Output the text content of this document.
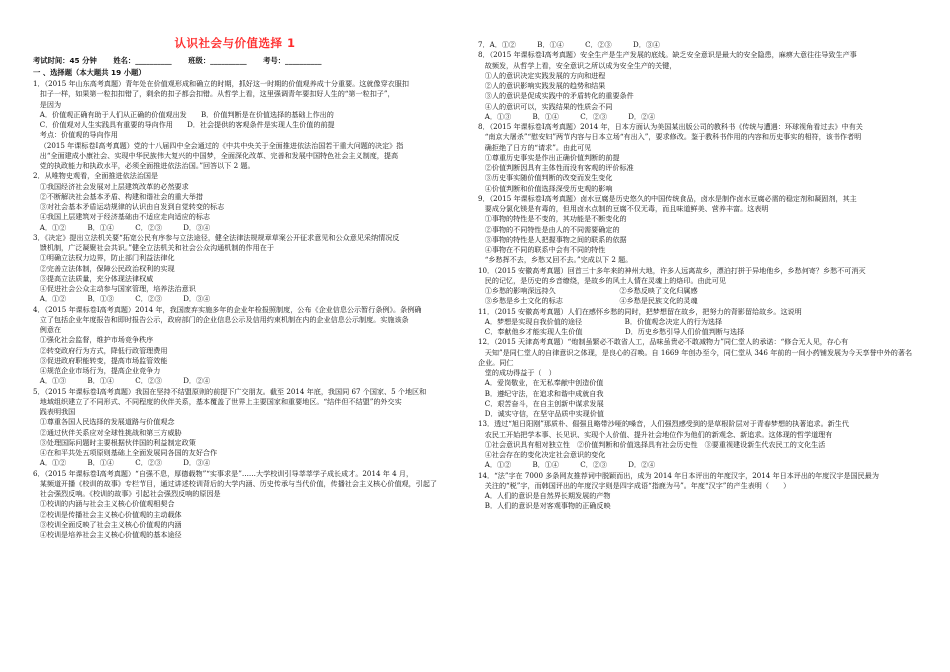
认识社会与价值选择 1
考试时间：45 分钟 姓名：__________ 班级：__________ 考号：__________
一 、选择题（本大题共 19 小题）

1．（2015 年山东高考真题）青年处在价值观形成和确立的时期，抓好这一时期的价值观养成十分重要。这就像穿衣服扣

扣子一样，如果第一粒扣扣错了，剩余的扣子都会扣错。从哲学上看，这里强调青年要扣好人生的“第一粒扣子”，

是因为

A．价值观正确有助于人们从正确的价值观出发　　B．价值判断是在价值选择的基础上作出的

C．价值观对人生实践具有重要的导向作用　　D．社会提供的客观条件是实现人生价值的前提

考点：价值观的导向作用

（2015 年课标卷Ⅰ高考真题）党的十八届四中全会通过的《中共中央关于全面推进依法治国若干重大问题的决定》指

出“全面建成小康社会、实现中华民族伟大复兴的中国梦，全面深化改革、完善和发展中国特色社会主义制度，提高

党的执政能力和执政水平，必须全面推进依法治国。”回答以下 2 题。

2．从唯物史观看，全面推进依法治国是

①我国经济社会发展对上层建筑改革的必然要求

②不断解决社会基本矛盾、构建和谐社会的重大举措

③对社会基本矛盾运动规律的认识由自发到自觉转变的标志

④我国上层建筑对于经济基础由不适应走向适应的标志

A．①②　　　B．①④　　　C．②③　　　D．③④

3．《决定》提出立法机关要“拓宽公民有序参与立法途径，健全法律法规规章草案公开征求意见和公众意见采纳情况反

馈机制，广泛凝聚社会共识。”健全立法机关和社会公众沟通机制的作用在于

①明确立法权力边界，防止部门利益法律化

②完善立法体制，保障公民政治权利的实现

③提高立法质量，充分体现法律权威

④促进社会公众主动参与国家管理，培养法治意识

A．①②　　　B．①③　　　C．②③　　　D．③④

4．（2015 年课标卷Ⅰ高考真题）2014 年，我国废弃实施多年的企业年检报照制度，公布《企业信息公示暂行条例》。条例确

立了包括企业年度报告和即时报告公示，政府部门的企业信息公示及信用约束机制在内的企业信息公示制度。实施该条

例意在

①强化社会监督，维护市场竞争秩序

②转变政府行为方式，降低行政管理费用

③促进政府职能转变，提高市场监管效能

④规范企业市场行为，提高企业竞争力

A．①③　　　B．①④　　　C．②③　　　D．②④

5．（2015 年课标卷Ⅰ高考真题）我国在坚持不结盟原则的前提下广交朋友。截至 2014 年底，我国同 67 个国家、5 个地区和

地域组织建立了不同形式、不同程度的伙伴关系，基本覆盖了世界上主要国家和重要地区。“结伴但不结盟”的外交实

践表明我国

①尊重各国人民选择的发展道路与价值观念

②通过伙伴关系应对全球性挑战和第三方威胁

③处理国际问题时主要根据伙伴国的利益制定政策

④在和平共处五项原则基础上全面发展同各国的友好合作

A．①②　　　B．①④　　　C．②③　　　D．③④

6．（2015 年课标卷Ⅰ高考真题）“自强不息，厚德载物”“实事求是”……大学校训引导莘莘学子成长成才。2014 年 4 月，

某频道开播《校训的故事》专栏节目，通过讲述校训背后的大学内涵、历史传承与当代价值，传播社会主义核心价值观，引起了

社会强烈反响。《校训的故事》引起社会强烈反响的原因是

①校训的内涵与社会主义核心价值观相契合

②校训是传播社会主义核心价值观的主动载体

③校训全面反映了社会主义核心价值观的内涵

④校训是培养社会主义核心价值观的基本途径

7．A．①②　　　B．①④　　　C．②③　　　D．③④

8．（2015 年课标卷Ⅰ高考真题）安全生产是生产发展的底线。缺乏安全意识是最大的安全隐患，麻痹大意往往导致生产事

故频发，从哲学上看，安全意识之所以成为安全生产的关键，

①人的意识决定实践发展的方向和进程

②人的意识影响实践发展的趋势和结果

③人的意识是促成实践中的矛盾转化的重要条件

④人的意识可以，实践结果的性质会不同

A．①③　　　B．①④　　　C．②③　　　D．②④

8．（2015 年课标卷Ⅰ高考真题）2014 年，日本方面认为美国某出版公司的教科书《传统与遭遇：环球视角看过去》中有关

“南京大屠杀”“慰安妇”两节内容与日本立场“有出入”，要求修改。鉴于教科书作用的内容和历史事实的相符，该书作者明

确拒绝了日方的“请求”。由此可见

①尊重历史事实是作出正确价值判断的前提

②价值判断因具有主体性而没有客观的评价标准

③历史事实随价值判断的改变而发生变化

④价值判断和价值选择深受历史观的影响

9．（2015 年课标卷Ⅰ高考真题）卤水豆腐是历史悠久的中国传统食品，卤水是制作卤水豆腐必需的稳定剂和凝固剂，其主

要成分氯化镁是有毒的，但用卤水点制的豆腐不仅无毒，而且味道鲜美、营养丰富。这表明

①事物的特性是不变的，其功能是不断变化的

②事物的不同特性是由人的不同需要确定的

③事物的特性是人把握事物之间的联系的依据

④事物在不同的联系中会有不同的特性

“乡愁挥不去，乡愁又回不去。”完成以下 2 题。

10．（2015 安徽高考真题）回首三十多年来的神州大地，许多人远离故乡，漂泊打拼于异地他乡，乡愁何寄？乡愁不可消灭

民的记忆，是历史的乡音缭绕，是故乡的风土人情在灵魂上的烙印。由此可见

①乡愁的影响深远持久　　　　　　　　　②乡愁反映了文化归属感

③乡愁是乡土文化的标志　　　　　　　　④乡愁是民族文化的灵魂

11．（2015 安徽高考真题）人们在感怀乡愁的同时，把梦想留在故乡，把努力的背影留给故乡。这说明

A．梦想是实现自我价值的途径　　　　　　B．价值观念决定人的行为选择

C．奉献他乡才能实现人生价值　　　　　　D．历史乡愁引导人们价值判断与选择

12．（2015 天津高考真题）“炮制虽繁必不敢省人工，品味虽贵必不敢减物力”同仁堂人的承诺：“修合无人见，存心有

天知”是同仁堂人的自律意识之体现，是良心的召唤。自 1669 年创办至今，同仁堂从 346 年前的一间小药铺发展为今天享誉中外的著名企业。同仁

堂的成功得益于（　）

A．爱岗敬业，在无私奉献中创造价值

B．遵纪守法，在追求和谐中成就自我

C．艰苦奋斗，在自主创新中谋求发展

D．诚实守信，在坚守品质中实现价值

13．透过“旭日阳刚”那质朴、倔强且略带沙哑的嗓音，人们强烈感受到的是草根阶层对于青春梦想的执著追求。新生代

农民工开始把学本事、长见识、实现个人价值、提升社会地位作为他们的新观念、新追求。这体现的哲学道理有

①社会意识具有相对独立性　②价值判断和价值选择具有社会历史性　③要重视建设新生代农民工的文化生活

④社会存在的变化决定社会意识的变化

A．①②　　　B．①④　　　C．②③　　　D．②④

14．“法”字在 7000 多条网友推荐词中脱颖而出，成为 2014 年日本评出的年度汉字，2014 年日本评出的年度汉字是国民最为

关注的“税”字，而韩国评出的年度汉字则是四字成语“指鹿为马”。年度“汉字”的产生表明（　　）

A．人们的意识是自然界长期发展的产物

B．人们的意识是对客观事物的正确反映
